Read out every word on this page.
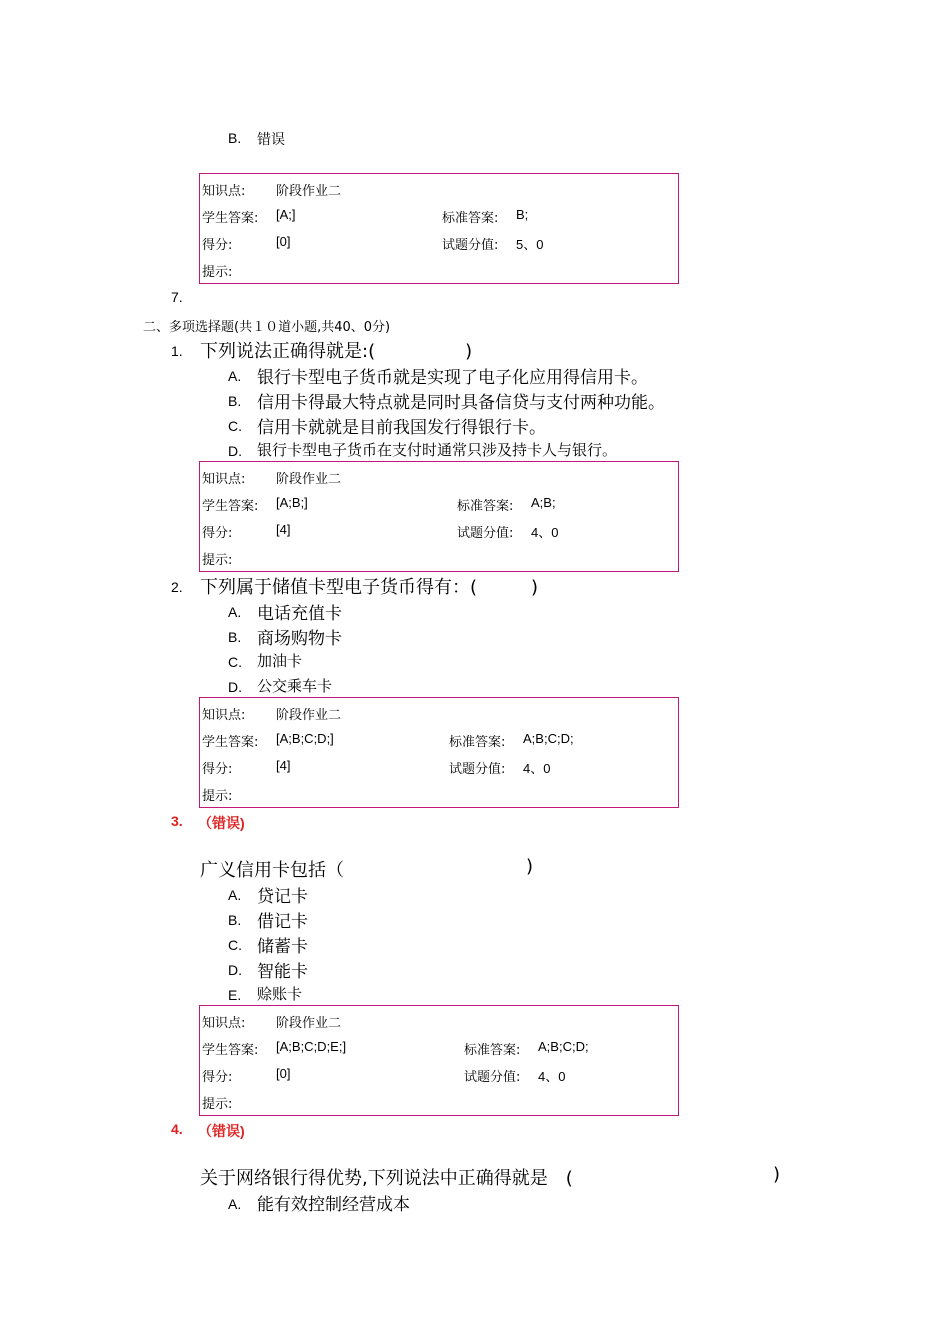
B. 错误
知识点: 阶段作业二
学生答案: [A;]	标准答案: B;
得分:	[0]	试题分值: 5、0
提示:
7.
二、多项选择题(共１０道小题,共40、0分)
1. 下列说法正确得就是:(　　　　　)
A. 银行卡型电子货币就是实现了电子化应用得信用卡。
B. 信用卡得最大特点就是同时具备信贷与支付两种功能。
C. 信用卡就就是目前我国发行得银行卡。
D. 银行卡型电子货币在支付时通常只涉及持卡人与银行。
知识点: 阶段作业二
学生答案: [A;B;]	标准答案: A;B;
得分:	[4]	试题分值: 4、0
提示:
2. 下列属于储值卡型电子货币得有：(　　　)
A. 电话充值卡
B. 商场购物卡
C. 加油卡
D. 公交乘车卡
知识点: 阶段作业二
学生答案: [A;B;C;D;]	标准答案: A;B;C;D;
得分:	[4]	试题分值: 4、0
提示:
3. （错误)
广义信用卡包括（	)
A. 贷记卡
B. 借记卡
C. 储蓄卡
D. 智能卡
E. 赊账卡
知识点: 阶段作业二
学生答案: [A;B;C;D;E;]	标准答案: A;B;C;D;
得分:	[0]	试题分值: 4、0
提示:
4. （错误)
关于网络银行得优势,下列说法中正确得就是　(	)
A. 能有效控制经营成本
